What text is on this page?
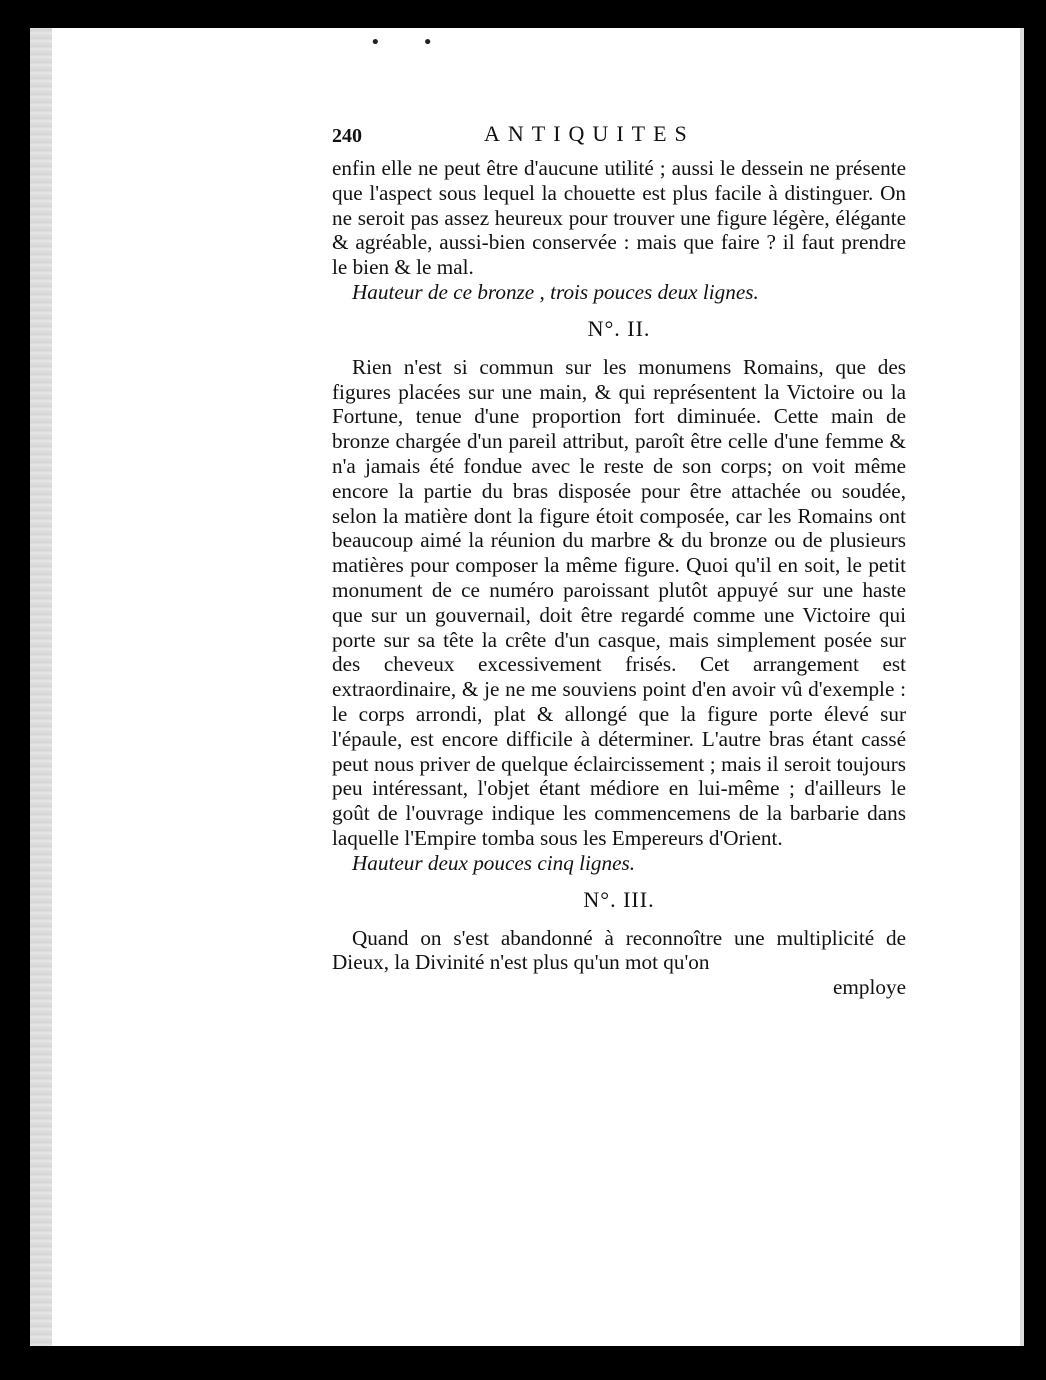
• •
240	ANTIQUITES

enfin elle ne peut être d'aucune utilité ; aussi le dessein ne présente que l'aspect sous lequel la chouette est plus facile à distinguer. On ne seroit pas assez heureux pour trouver une figure légère, élégante & agréable, aussi-bien conservée : mais que faire ? il faut prendre le bien & le mal.

Hauteur de ce bronze , trois pouces deux lignes.

N°. II.

Rien n'est si commun sur les monumens Romains, que des figures placées sur une main, & qui représentent la Victoire ou la Fortune, tenue d'une proportion fort diminuée. Cette main de bronze chargée d'un pareil attribut, paroît être celle d'une femme & n'a jamais été fondue avec le reste de son corps; on voit même encore la partie du bras disposée pour être attachée ou soudée, selon la matière dont la figure étoit composée, car les Romains ont beaucoup aimé la réunion du marbre & du bronze ou de plusieurs matières pour composer la même figure. Quoi qu'il en soit, le petit monument de ce numéro paroissant plutôt appuyé sur une haste que sur un gouvernail, doit être regardé comme une Victoire qui porte sur sa tête la crête d'un casque, mais simplement posée sur des cheveux excessivement frisés. Cet arrangement est extraordinaire, & je ne me souviens point d'en avoir vû d'exemple : le corps arrondi, plat & allongé que la figure porte élevé sur l'épaule, est encore difficile à déterminer. L'autre bras étant cassé peut nous priver de quelque éclaircissement ; mais il seroit toujours peu intéressant, l'objet étant médiore en lui-même ; d'ailleurs le goût de l'ouvrage indique les commencemens de la barbarie dans laquelle l'Empire tomba sous les Empereurs d'Orient.

Hauteur deux pouces cinq lignes.

N°. III.

Quand on s'est abandonné à reconnoître une multiplicité de Dieux, la Divinité n'est plus qu'un mot qu'on

employe
